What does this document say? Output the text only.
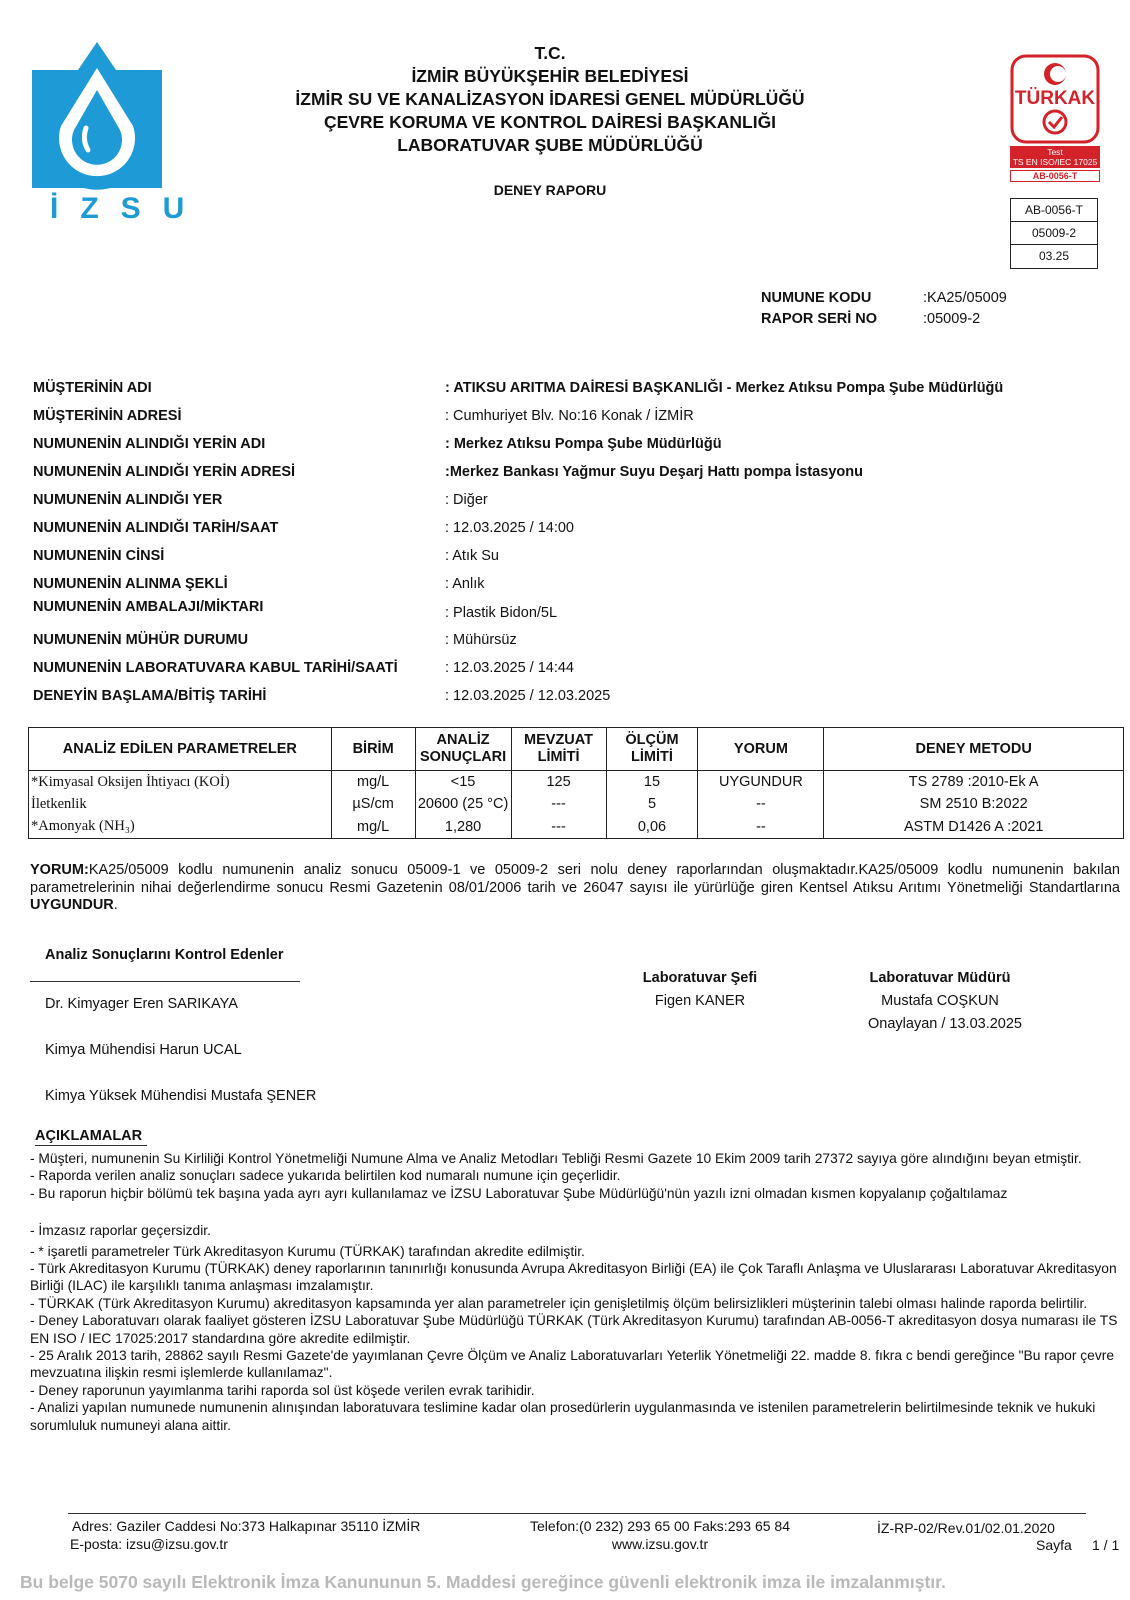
İZSU
T.C.
İZMİR BÜYÜKŞEHİR BELEDİYESİ
İZMİR SU VE KANALİZASYON İDARESİ GENEL MÜDÜRLÜĞÜ
ÇEVRE KORUMA VE KONTROL DAİRESİ BAŞKANLIĞI
LABORATUVAR ŞUBE MÜDÜRLÜĞÜ
DENEY RAPORU
TÜRKAK
Test
TS EN ISO/IEC 17025
AB-0056-T
AB-0056-T
05009-2
03.25
NUMUNE KODU	:KA25/05009
RAPOR SERİ NO	:05009-2
MÜŞTERİNİN ADI	: ATIKSU ARITMA DAİRESİ BAŞKANLIĞI - Merkez Atıksu Pompa Şube Müdürlüğü
MÜŞTERİNİN ADRESİ	: Cumhuriyet Blv. No:16 Konak / İZMİR
NUMUNENİN ALINDIĞI YERİN ADI	: Merkez Atıksu Pompa Şube Müdürlüğü
NUMUNENİN ALINDIĞI YERİN ADRESİ	:Merkez Bankası Yağmur Suyu Deşarj Hattı pompa İstasyonu
NUMUNENİN ALINDIĞI YER	: Diğer
NUMUNENİN ALINDIĞI TARİH/SAAT	: 12.03.2025 / 14:00
NUMUNENİN CİNSİ	: Atık Su
NUMUNENİN ALINMA ŞEKLİ	: Anlık
NUMUNENİN AMBALAJI/MİKTARI	: Plastik Bidon/5L
NUMUNENİN MÜHÜR DURUMU	: Mühürsüz
NUMUNENİN LABORATUVARA KABUL TARİHİ/SAATİ	: 12.03.2025 / 14:44
DENEYİN BAŞLAMA/BİTİŞ TARİHİ	: 12.03.2025 / 12.03.2025
ANALİZ EDİLEN PARAMETRELER	BİRİM	ANALİZ SONUÇLARI	MEVZUAT LİMİTİ	ÖLÇÜM LİMİTİ	YORUM	DENEY METODU
*Kimyasal Oksijen İhtiyacı (KOİ)	mg/L	<15	125	15	UYGUNDUR	TS 2789 :2010-Ek A
İletkenlik	µS/cm	20600 (25 °C)	---	5	--	SM 2510 B:2022
*Amonyak (NH₃)	mg/L	1,280	---	0,06	--	ASTM D1426 A :2021
YORUM:KA25/05009 kodlu numunenin analiz sonucu 05009-1 ve 05009-2 seri nolu deney raporlarından oluşmaktadır.KA25/05009 kodlu numunenin bakılan parametrelerinin nihai değerlendirme sonucu Resmi Gazetenin 08/01/2006 tarih ve 26047 sayısı ile yürürlüğe giren Kentsel Atıksu Arıtımı Yönetmeliği Standartlarına UYGUNDUR.
Analiz Sonuçlarını Kontrol Edenler
Dr. Kimyager Eren SARIKAYA
Kimya Mühendisi Harun UCAL
Kimya Yüksek Mühendisi Mustafa ŞENER
Laboratuvar Şefi
Figen KANER
Laboratuvar Müdürü
Mustafa COŞKUN
Onaylayan / 13.03.2025
AÇIKLAMALAR

- Müşteri, numunenin Su Kirliliği Kontrol Yönetmeliği Numune Alma ve Analiz Metodları Tebliği Resmi Gazete 10 Ekim 2009 tarih 27372 sayıya göre alındığını beyan etmiştir.

- Raporda verilen analiz sonuçları sadece yukarıda belirtilen kod numaralı numune için geçerlidir.

- Bu raporun hiçbir bölümü tek başına yada ayrı ayrı kullanılamaz ve İZSU Laboratuvar Şube Müdürlüğü'nün yazılı izni olmadan kısmen kopyalanıp çoğaltılamaz

- İmzasız raporlar geçersizdir.

- * işaretli parametreler Türk Akreditasyon Kurumu (TÜRKAK) tarafından akredite edilmiştir.

- Türk Akreditasyon Kurumu (TÜRKAK) deney raporlarının tanınırlığı konusunda Avrupa Akreditasyon Birliği (EA) ile Çok Taraflı Anlaşma ve Uluslararası Laboratuvar Akreditasyon Birliği (ILAC) ile karşılıklı tanıma anlaşması imzalamıştır.

- TÜRKAK (Türk Akreditasyon Kurumu) akreditasyon kapsamında yer alan parametreler için genişletilmiş ölçüm belirsizlikleri müşterinin talebi olması halinde raporda belirtilir.

- Deney Laboratuvarı olarak faaliyet gösteren İZSU Laboratuvar Şube Müdürlüğü TÜRKAK (Türk Akreditasyon Kurumu) tarafından AB-0056-T akreditasyon dosya numarası ile TS EN ISO / IEC 17025:2017 standardına göre akredite edilmiştir.

- 25 Aralık 2013 tarih, 28862 sayılı Resmi Gazete'de yayımlanan Çevre Ölçüm ve Analiz Laboratuvarları Yeterlik Yönetmeliği 22. madde 8. fıkra c bendi gereğince "Bu rapor çevre mevzuatına ilişkin resmi işlemlerde kullanılamaz".

- Deney raporunun yayımlanma tarihi raporda sol üst köşede verilen evrak tarihidir.

- Analizi yapılan numunede numunenin alınışından laboratuvara teslimine kadar olan prosedürlerin uygulanmasında ve istenilen parametrelerin belirtilmesinde teknik ve hukuki sorumluluk numuneyi alana aittir.

Adres: Gaziler Caddesi No:373 Halkapınar 35110 İZMİR
E-posta: izsu@izsu.gov.tr
Telefon:(0 232) 293 65 00 Faks:293 65 84
www.izsu.gov.tr
İZ-RP-02/Rev.01/02.01.2020
Sayfa 1 / 1
Bu belge 5070 sayılı Elektronik İmza Kanununun 5. Maddesi gereğince güvenli elektronik imza ile imzalanmıştır.
